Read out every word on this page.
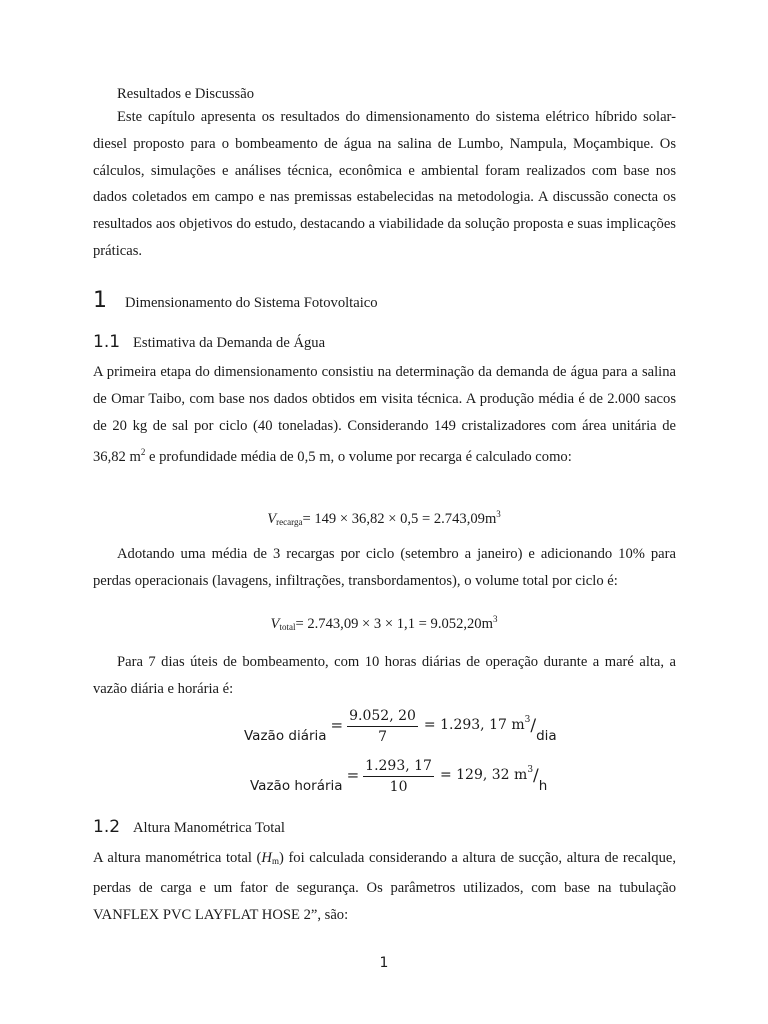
Resultados e Discussão

Este capítulo apresenta os resultados do dimensionamento do sistema elétrico híbrido solar-diesel proposto para o bombeamento de água na salina de Lumbo, Nampula, Moçambique. Os cálculos, simulações e análises técnica, econômica e ambiental foram realizados com base nos dados coletados em campo e nas premissas estabelecidas na metodologia. A discussão conecta os resultados aos objetivos do estudo, destacando a viabilidade da solução proposta e suas implicações práticas.

1	Dimensionamento do Sistema Fotovoltaico
1.1 Estimativa da Demanda de Água

A primeira etapa do dimensionamento consistiu na determinação da demanda de água para a salina de Omar Taibo, com base nos dados obtidos em visita técnica. A produção média é de 2.000 sacos de 20 kg de sal por ciclo (40 toneladas). Considerando 149 cristalizadores com área unitária de 36,82 $m^2$ e profundidade média de 0,5 m, o volume por recarga é calculado como:

$V_{recarga}= 149 \times 36,82 \times 0,5 = 2.743,09m^3$

Adotando uma média de 3 recargas por ciclo (setembro a janeiro) e adicionando 10% para perdas operacionais (lavagens, infiltrações, transbordamentos), o volume total por ciclo é:

$V_{total}= 2.743,09 \times 3 \times 1,1 = 9.052,20m^3$

Para 7 dias úteis de bombeamento, com 10 horas diárias de operação durante a maré alta, a vazão diária e horária é:

Vazão diária
= $\frac{9.052, 20}{7} = 1.293$, 17 m 3 / dia
Vazão horária
= $\frac{1.293, 17}{10} = 129$, 32 m 3 / h
1.2 Altura Manométrica Total

A altura manométrica total $(H_m)$ foi calculada considerando a altura de sucção, altura de recalque, perdas de carga e um fator de segurança. Os parâmetros utilizados, com base na tubulação VANFLEX PVC LAYFLAT HOSE 2”, são:

1
